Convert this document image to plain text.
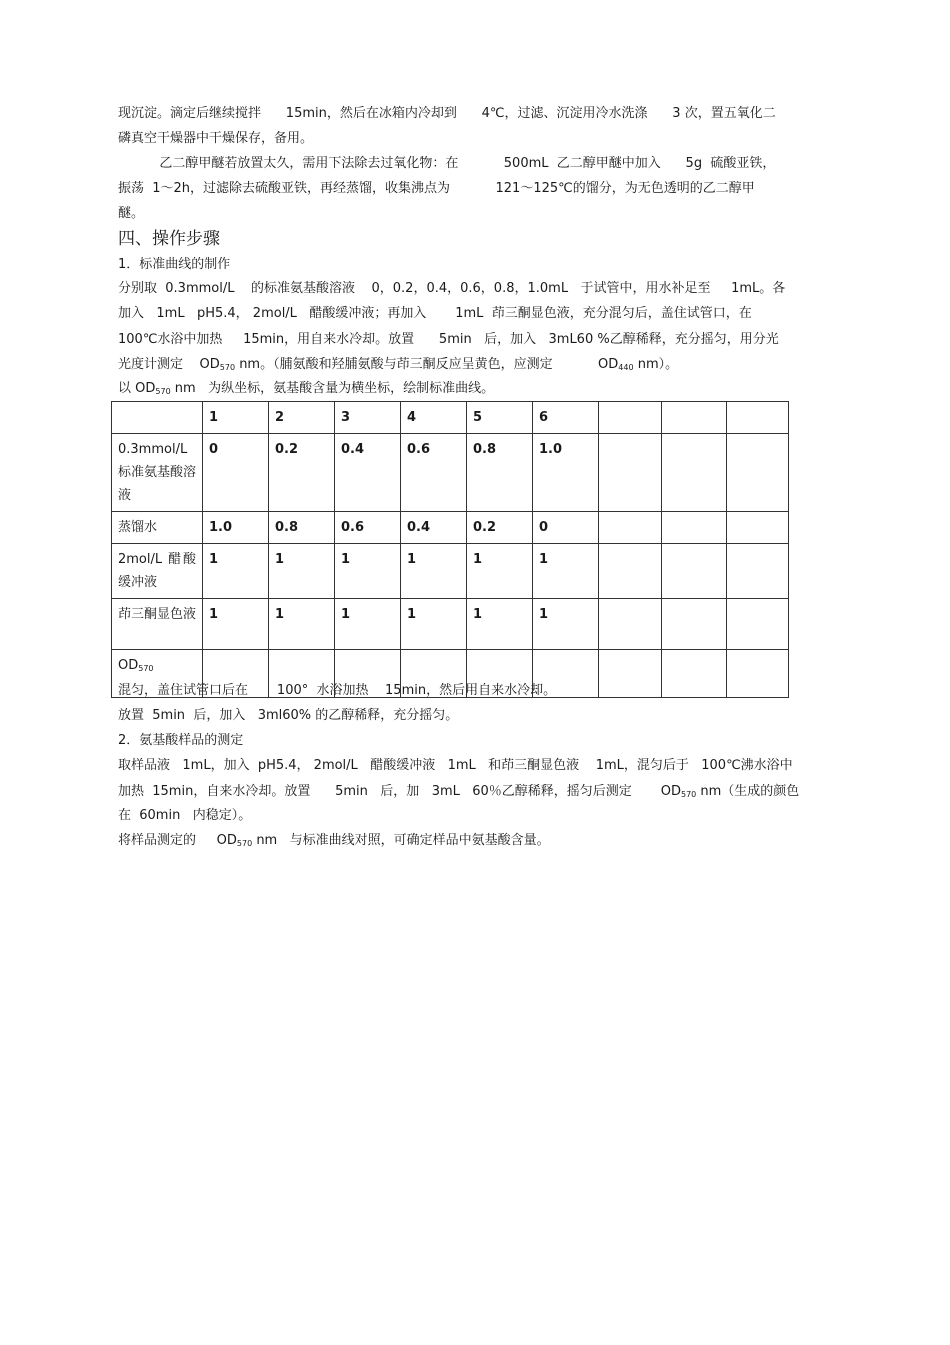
现沉淀。滴定后继续搅拌      15min，然后在冰箱内冷却到      4℃，过滤、沉淀用冷水洗涤      3 次，置五氧化二
磷真空干燥器中干燥保存，备用。
乙二醇甲醚若放置太久，需用下法除去过氧化物：在           500mL  乙二醇甲醚中加入      5g  硫酸亚铁，
振荡  1～2h，过滤除去硫酸亚铁，再经蒸馏，收集沸点为           121～125℃的馏分，为无色透明的乙二醇甲
醚。
四、操作步骤
1．标准曲线的制作
分别取  0.3mmol/L    的标准氨基酸溶液    0，0.2，0.4，0.6，0.8，1.0mL   于试管中，用水补足至     1mL。各
加入   1mL   pH5.4， 2mol/L   醋酸缓冲液；再加入       1mL  茚三酮显色液，充分混匀后，盖住试管口，在
100℃水浴中加热     15min，用自来水冷却。放置      5min   后，加入   3mL60 %乙醇稀释，充分摇匀，用分光
光度计测定    $OD_{570}$ nm。（脯氨酸和羟脯氨酸与茚三酮反应呈黄色，应测定           $OD_{440}$ nm）。
以 $OD_{570}$ nm   为纵坐标，氨基酸含量为横坐标，绘制标准曲线。
	1	2	3	4	5	6			
0.3mmol/L 标准氨基酸溶液	0	0.2	0.4	0.6	0.8	1.0			
蒸馏水	1.0	0.8	0.6	0.4	0.2	0			
2mol/L 醋酸缓冲液	1	1	1	1	1	1			
茚三酮显色液	1	1	1	1	1	1			
$OD_{570}$									
混匀，盖住试管口后在       100°  水浴加热    15min，然后用自来水冷却。
放置  5min  后，加入   3ml60% 的乙醇稀释，充分摇匀。
2．氨基酸样品的测定
取样品液   1mL，加入  pH5.4， 2mol/L   醋酸缓冲液   1mL   和茚三酮显色液    1mL，混匀后于   100℃沸水浴中
加热  15min，自来水冷却。放置      5min   后，加   3mL   60％乙醇稀释，摇匀后测定       $OD_{570}$ nm（生成的颜色
在  60min   内稳定）。
将样品测定的     $OD_{570}$ nm   与标准曲线对照，可确定样品中氨基酸含量。
